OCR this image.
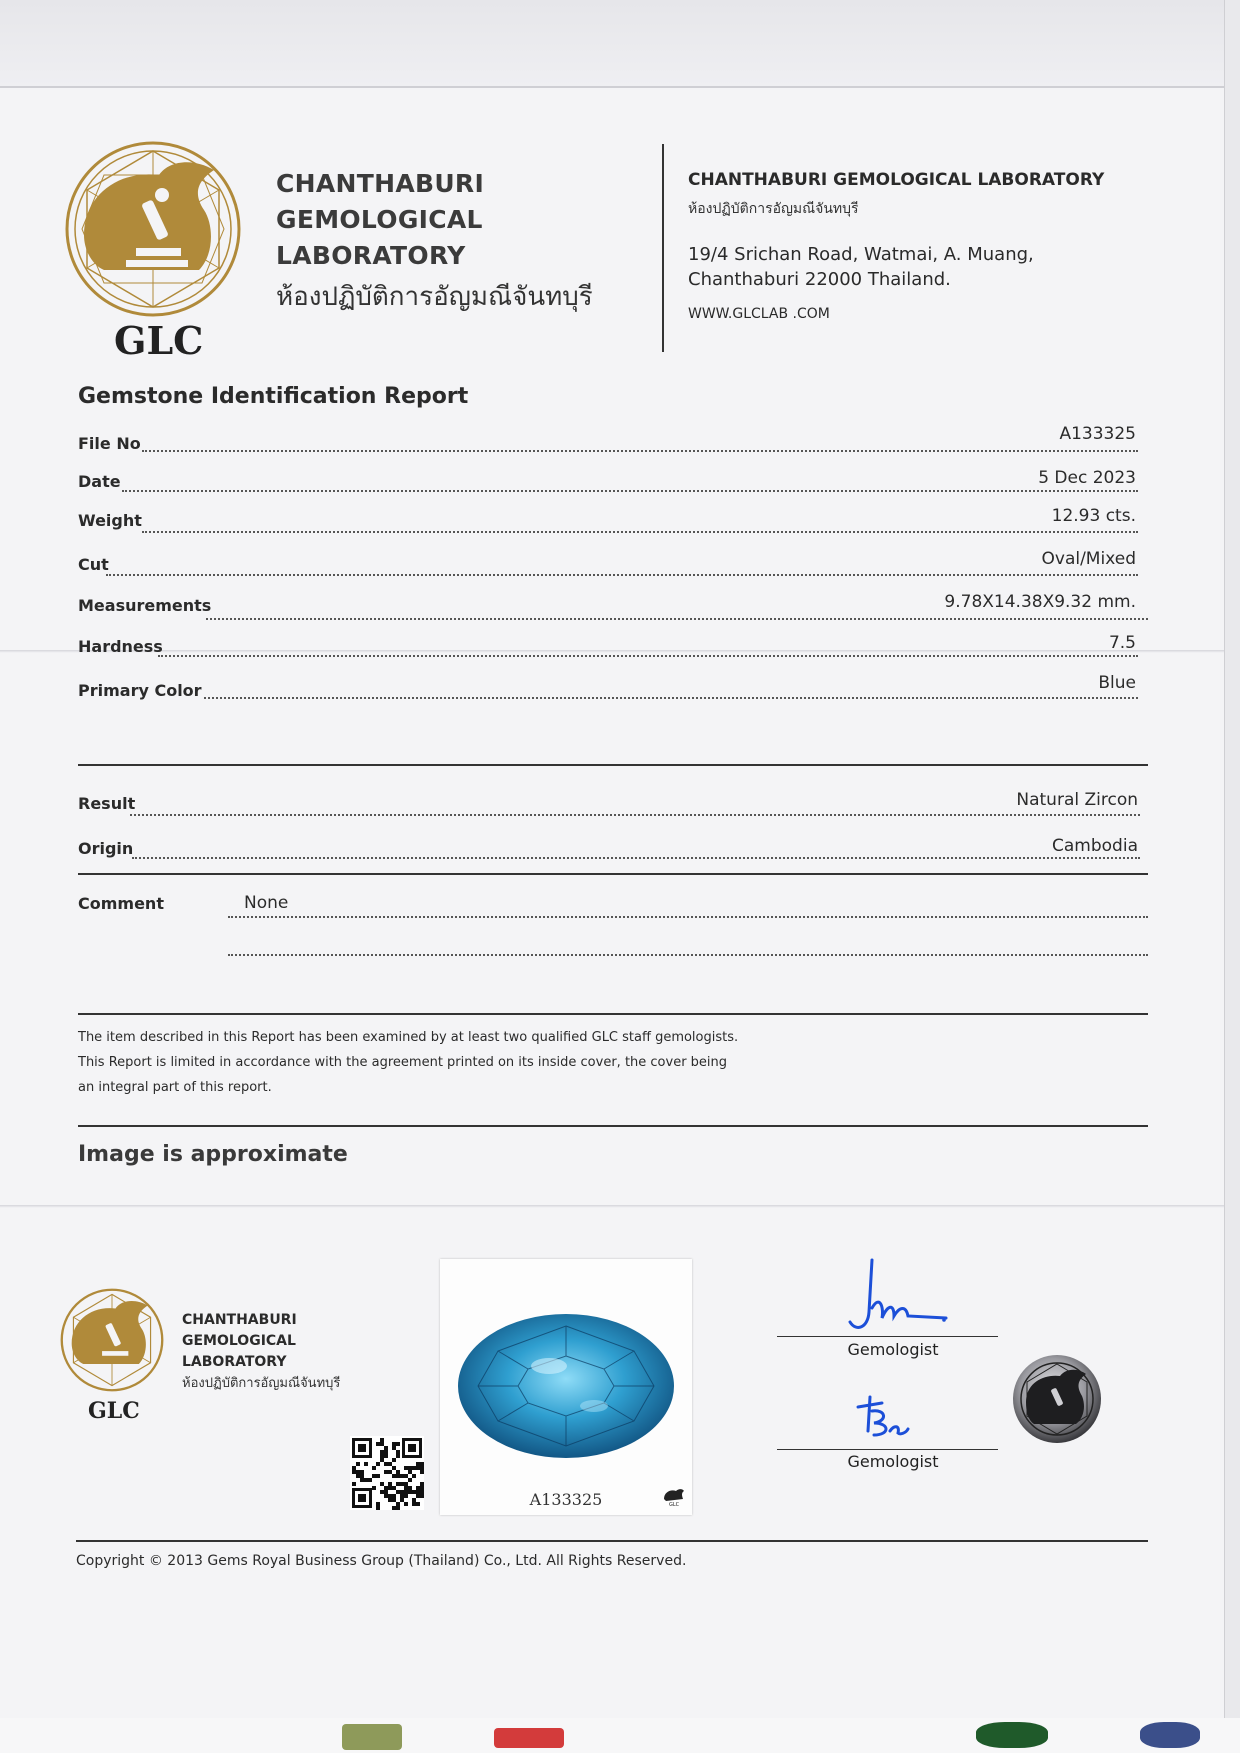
GLC
CHANTHABURI
GEMOLOGICAL
LABORATORY
ห้องปฏิบัติการอัญมณีจันทบุรี
CHANTHABURI GEMOLOGICAL LABORATORY
ห้องปฏิบัติการอัญมณีจันทบุรี
19/4 Srichan Road, Watmai, A. Muang,
Chanthaburi 22000 Thailand.
WWW.GLCLAB .COM
Gemstone Identification Report
File No	A133325
Date	5 Dec 2023
Weight	12.93 cts.
Cut	Oval/Mixed
Measurements	9.78X14.38X9.32 mm.
Hardness	7.5
Primary Color	Blue
Result	Natural Zircon
Origin	Cambodia
Comment	None
The item described in this Report has been examined by at least two qualified GLC staff gemologists.
This Report is limited in accordance with the agreement printed on its inside cover, the cover being
an integral part of this report.
Image is approximate
GLC
CHANTHABURI
GEMOLOGICAL
LABORATORY
ห้องปฏิบัติการอัญมณีจันทบุรี
A133325	GLC
Gemologist
Gemologist
Copyright © 2013 Gems Royal Business Group (Thailand) Co., Ltd. All Rights Reserved.
